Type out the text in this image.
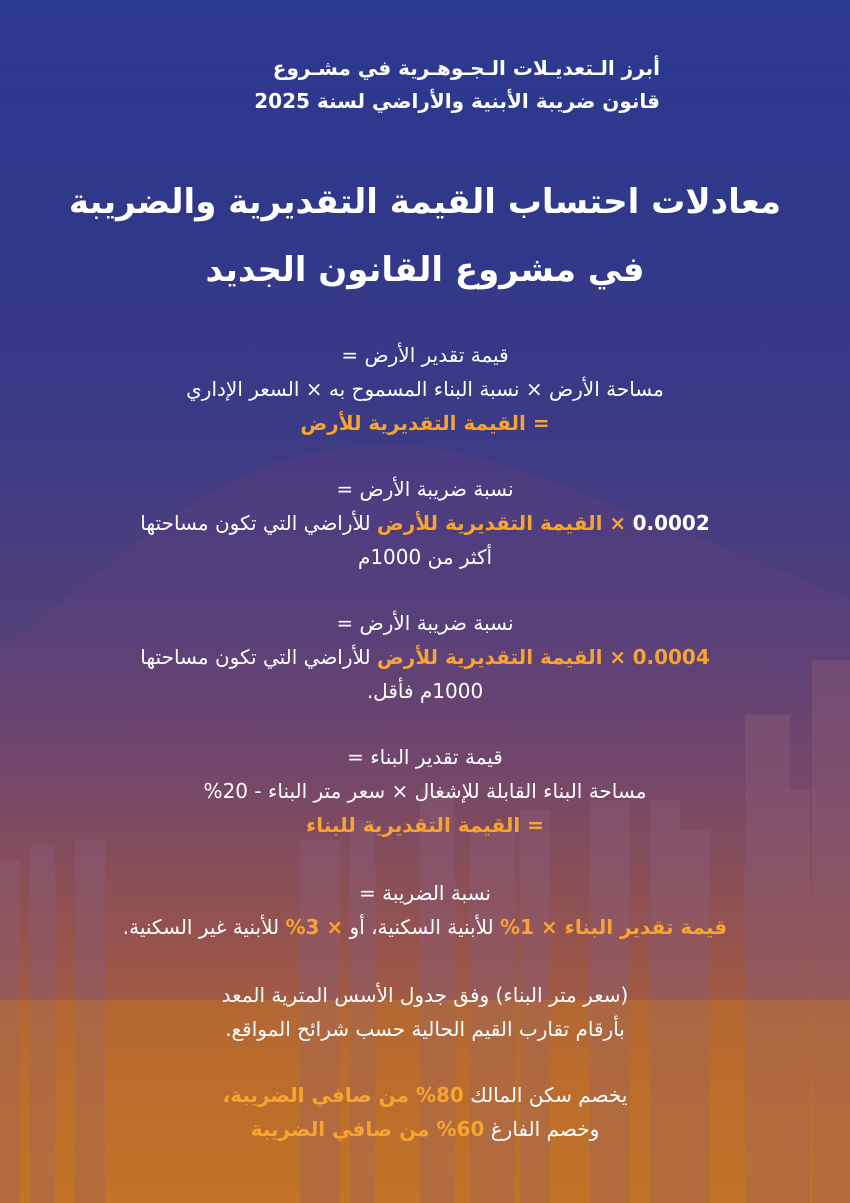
أبرز الـتعديـلات الـجـوهـرية في مشـروع
قانون ضريبة الأبنية والأراضي لسنة 2025
معادلات احتساب القيمة التقديرية والضريبة
في مشروع القانون الجديد
قيمة تقدير الأرض =
مساحة الأرض × نسبة البناء المسموح به × السعر الإداري
= القيمة التقديرية للأرض
نسبة ضريبة الأرض =
0.0002 × القيمة التقديرية للأرض للأراضي التي تكون مساحتها
أكثر من 1000م
نسبة ضريبة الأرض =
0.0004 × القيمة التقديرية للأرض للأراضي التي تكون مساحتها
1000م فأقل.
قيمة تقدير البناء =
مساحة البناء القابلة للإشغال × سعر متر البناء - 20%
= القيمة التقديرية للبناء
نسبة الضريبة =
قيمة تقدير البناء × 1% للأبنية السكنية، أو × 3% للأبنية غير السكنية.
(سعر متر البناء) وفق جدول الأسس المترية المعد
بأرقام تقارب القيم الحالية حسب شرائح المواقع.
يخصم سكن المالك 80% من صافي الضريبة،
وخصم الفارغ 60% من صافي الضريبة
